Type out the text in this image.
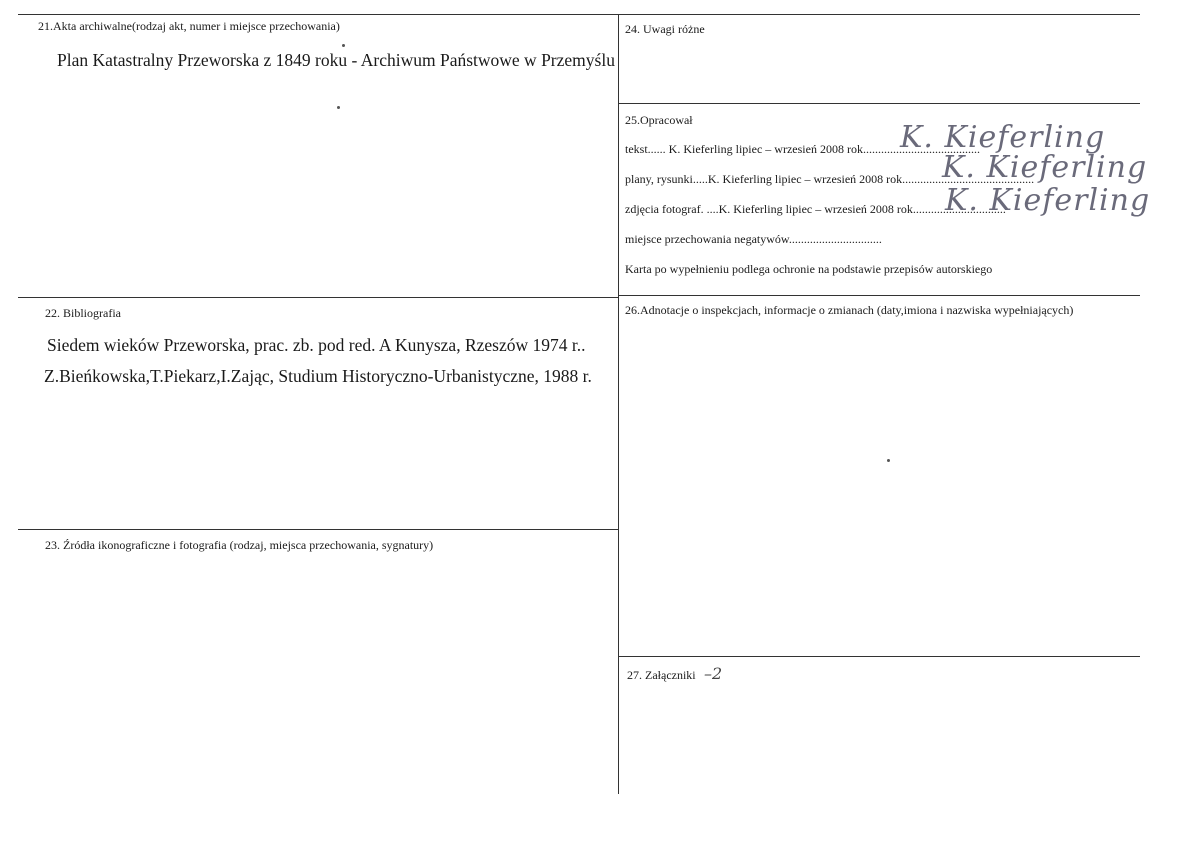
21.Akta archiwalne(rodzaj akt, numer i miejsce przechowania)
Plan Katastralny Przeworska z 1849 roku - Archiwum Państwowe w Przemyślu
22. Bibliografia
Siedem wieków Przeworska, prac. zb. pod red. A Kunysza, Rzeszów 1974 r..
Z.Bieńkowska,T.Piekarz,I.Zając, Studium Historyczno-Urbanistyczne, 1988 r.
23. Źródła ikonograficzne i fotografia (rodzaj, miejsca przechowania, sygnatury)
24. Uwagi różne
25.Opracował
tekst...... K. Kieferling lipiec – wrzesień 2008 rok.......................................
plany, rysunki.....K. Kieferling lipiec – wrzesień 2008 rok............................................
zdjęcia fotograf. ....K. Kieferling lipiec – wrzesień 2008 rok...............................
miejsce przechowania negatywów...............................
Karta po wypełnieniu podlega ochronie na podstawie przepisów autorskiego
K. Kieferling
K. Kieferling
K. Kieferling
26.Adnotacje o inspekcjach, informacje o zmianach (daty,imiona i nazwiska wypełniających)
27. Załączniki –2
